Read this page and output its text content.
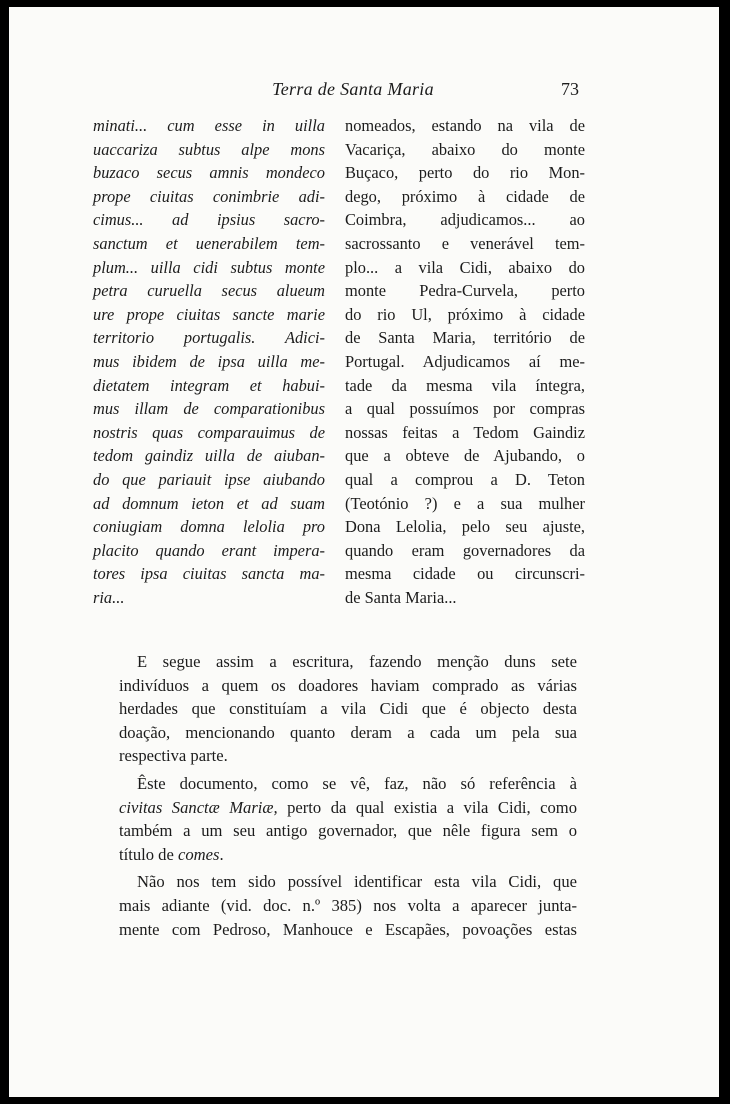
Terra de Santa Maria	73
minati... cum esse in uilla
uaccariza subtus alpe mons
buzaco secus amnis mondeco
prope ciuitas conimbrie adi-
cimus... ad ipsius sacro-
sanctum et uenerabilem tem-
plum... uilla cidi subtus monte
petra curuella secus alueum
ure prope ciuitas sancte marie
territorio portugalis. Adici-
mus ibidem de ipsa uilla me-
dietatem integram et habui-
mus illam de comparationibus
nostris quas comparauimus de
tedom gaindiz uilla de aiuban-
do que pariauit ipse aiubando
ad domnum ieton et ad suam
coniugiam domna lelolia pro
placito quando erant impera-
tores ipsa ciuitas sancta ma-
ria...
nomeados, estando na vila de
Vacariça, abaixo do monte
Buçaco, perto do rio Mon-
dego, próximo à cidade de
Coimbra, adjudicamos... ao
sacrossanto e venerável tem-
plo... a vila Cidi, abaixo do
monte Pedra-Curvela, perto
do rio Ul, próximo à cidade
de Santa Maria, território de
Portugal. Adjudicamos aí me-
tade da mesma vila íntegra,
a qual possuímos por compras
nossas feitas a Tedom Gaindiz
que a obteve de Ajubando, o
qual a comprou a D. Teton
(Teotónio ?) e a sua mulher
Dona Lelolia, pelo seu ajuste,
quando eram governadores da
mesma cidade ou circunscri-
de Santa Maria...
E segue assim a escritura, fazendo menção duns sete
indivíduos a quem os doadores haviam comprado as várias
herdades que constituíam a vila Cidi que é objecto desta
doação, mencionando quanto deram a cada um pela sua
respectiva parte.
Êste documento, como se vê, faz, não só referência à
civitas Sanctæ Mariæ, perto da qual existia a vila Cidi, como
também a um seu antigo governador, que nêle figura sem o
título de comes.
Não nos tem sido possível identificar esta vila Cidi, que
mais adiante (vid. doc. n.º 385) nos volta a aparecer junta-
mente com Pedroso, Manhouce e Escapães, povoações estas
